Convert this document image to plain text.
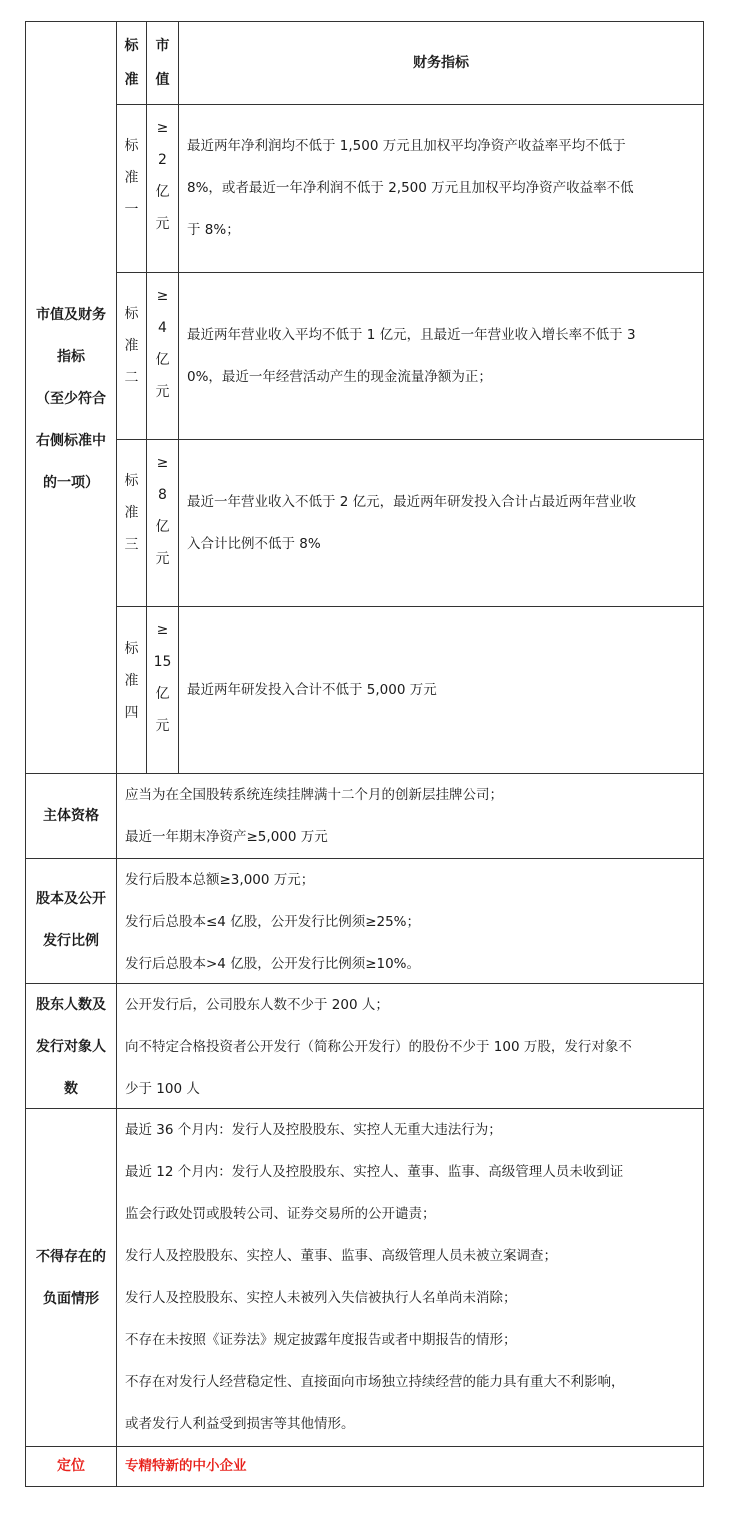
市值及财务
指标
（至少符合
右侧标准中
的一项）
标
准
市
值
财务指标
标
准
一
≥
2
亿
元
最近两年净利润均不低于 1,500 万元且加权平均净资产收益率平均不低于
8%，或者最近一年净利润不低于 2,500 万元且加权平均净资产收益率不低
于 8%；
标
准
二
≥
4
亿
元
最近两年营业收入平均不低于 1 亿元，且最近一年营业收入增长率不低于 3
0%，最近一年经营活动产生的现金流量净额为正；
标
准
三
≥
8
亿
元
最近一年营业收入不低于 2 亿元，最近两年研发投入合计占最近两年营业收
入合计比例不低于 8%
标
准
四
≥
15
亿
元
最近两年研发投入合计不低于 5,000 万元
主体资格
应当为在全国股转系统连续挂牌满十二个月的创新层挂牌公司；
最近一年期末净资产≥5,000 万元
股本及公开
发行比例
发行后股本总额≥3,000 万元；
发行后总股本≤4 亿股，公开发行比例须≥25%；
发行后总股本>4 亿股，公开发行比例须≥10%。
股东人数及
发行对象人
数
公开发行后，公司股东人数不少于 200 人；
向不特定合格投资者公开发行（简称公开发行）的股份不少于 100 万股，发行对象不
少于 100 人
不得存在的
负面情形
最近 36 个月内：发行人及控股股东、实控人无重大违法行为；
最近 12 个月内：发行人及控股股东、实控人、董事、监事、高级管理人员未收到证
监会行政处罚或股转公司、证券交易所的公开谴责；
发行人及控股股东、实控人、董事、监事、高级管理人员未被立案调查；
发行人及控股股东、实控人未被列入失信被执行人名单尚未消除；
不存在未按照《证券法》规定披露年度报告或者中期报告的情形；
不存在对发行人经营稳定性、直接面向市场独立持续经营的能力具有重大不利影响，
或者发行人利益受到损害等其他情形。
定位	专精特新的中小企业
